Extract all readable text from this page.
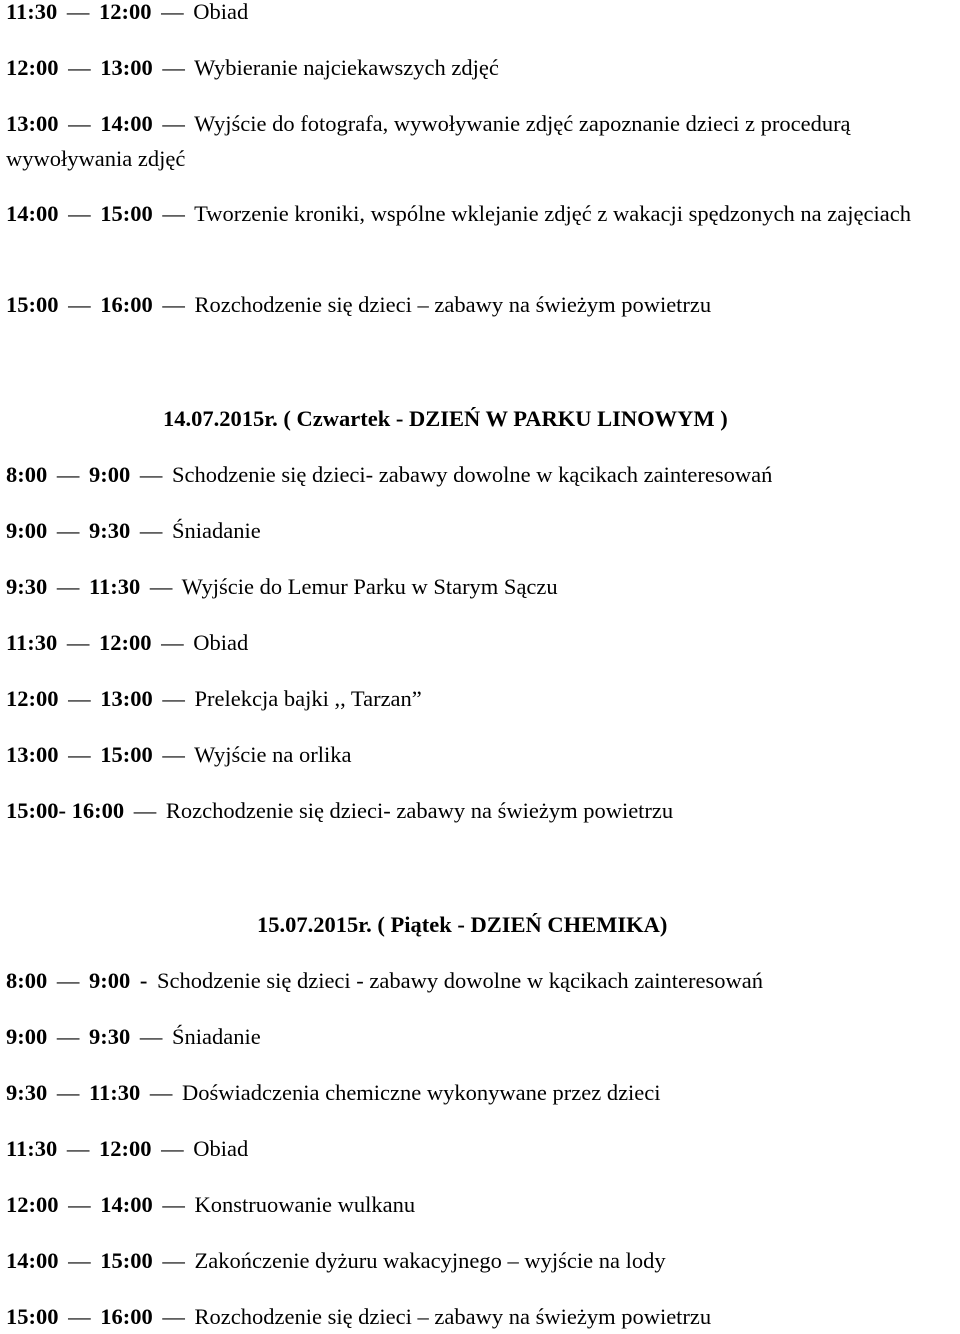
11:30 — 12:00 — Obiad
12:00 — 13:00 — Wybieranie najciekawszych zdjęć
13:00 — 14:00 — Wyjście do fotografa, wywoływanie zdjęć zapoznanie dzieci z procedurą wywoływania zdjęć
14:00 — 15:00 — Tworzenie kroniki, wspólne wklejanie zdjęć z wakacji spędzonych na zajęciach
15:00 — 16:00 — Rozchodzenie się dzieci – zabawy na świeżym powietrzu
14.07.2015r. ( Czwartek - DZIEŃ W PARKU LINOWYM )
8:00 — 9:00 — Schodzenie się dzieci- zabawy dowolne w kącikach zainteresowań
9:00 — 9:30 — Śniadanie
9:30 — 11:30 — Wyjście do Lemur Parku w Starym Sączu
11:30 — 12:00 — Obiad
12:00 — 13:00 — Prelekcja bajki ,, Tarzan”
13:00 — 15:00 — Wyjście na orlika
15:00- 16:00 — Rozchodzenie się dzieci- zabawy na świeżym powietrzu
15.07.2015r. ( Piątek - DZIEŃ CHEMIKA)
8:00 — 9:00 - Schodzenie się dzieci - zabawy dowolne w kącikach zainteresowań
9:00 — 9:30 — Śniadanie
9:30 — 11:30 — Doświadczenia chemiczne wykonywane przez dzieci
11:30 — 12:00 — Obiad
12:00 — 14:00 — Konstruowanie wulkanu
14:00 — 15:00 — Zakończenie dyżuru wakacyjnego – wyjście na lody
15:00 — 16:00 — Rozchodzenie się dzieci – zabawy na świeżym powietrzu
